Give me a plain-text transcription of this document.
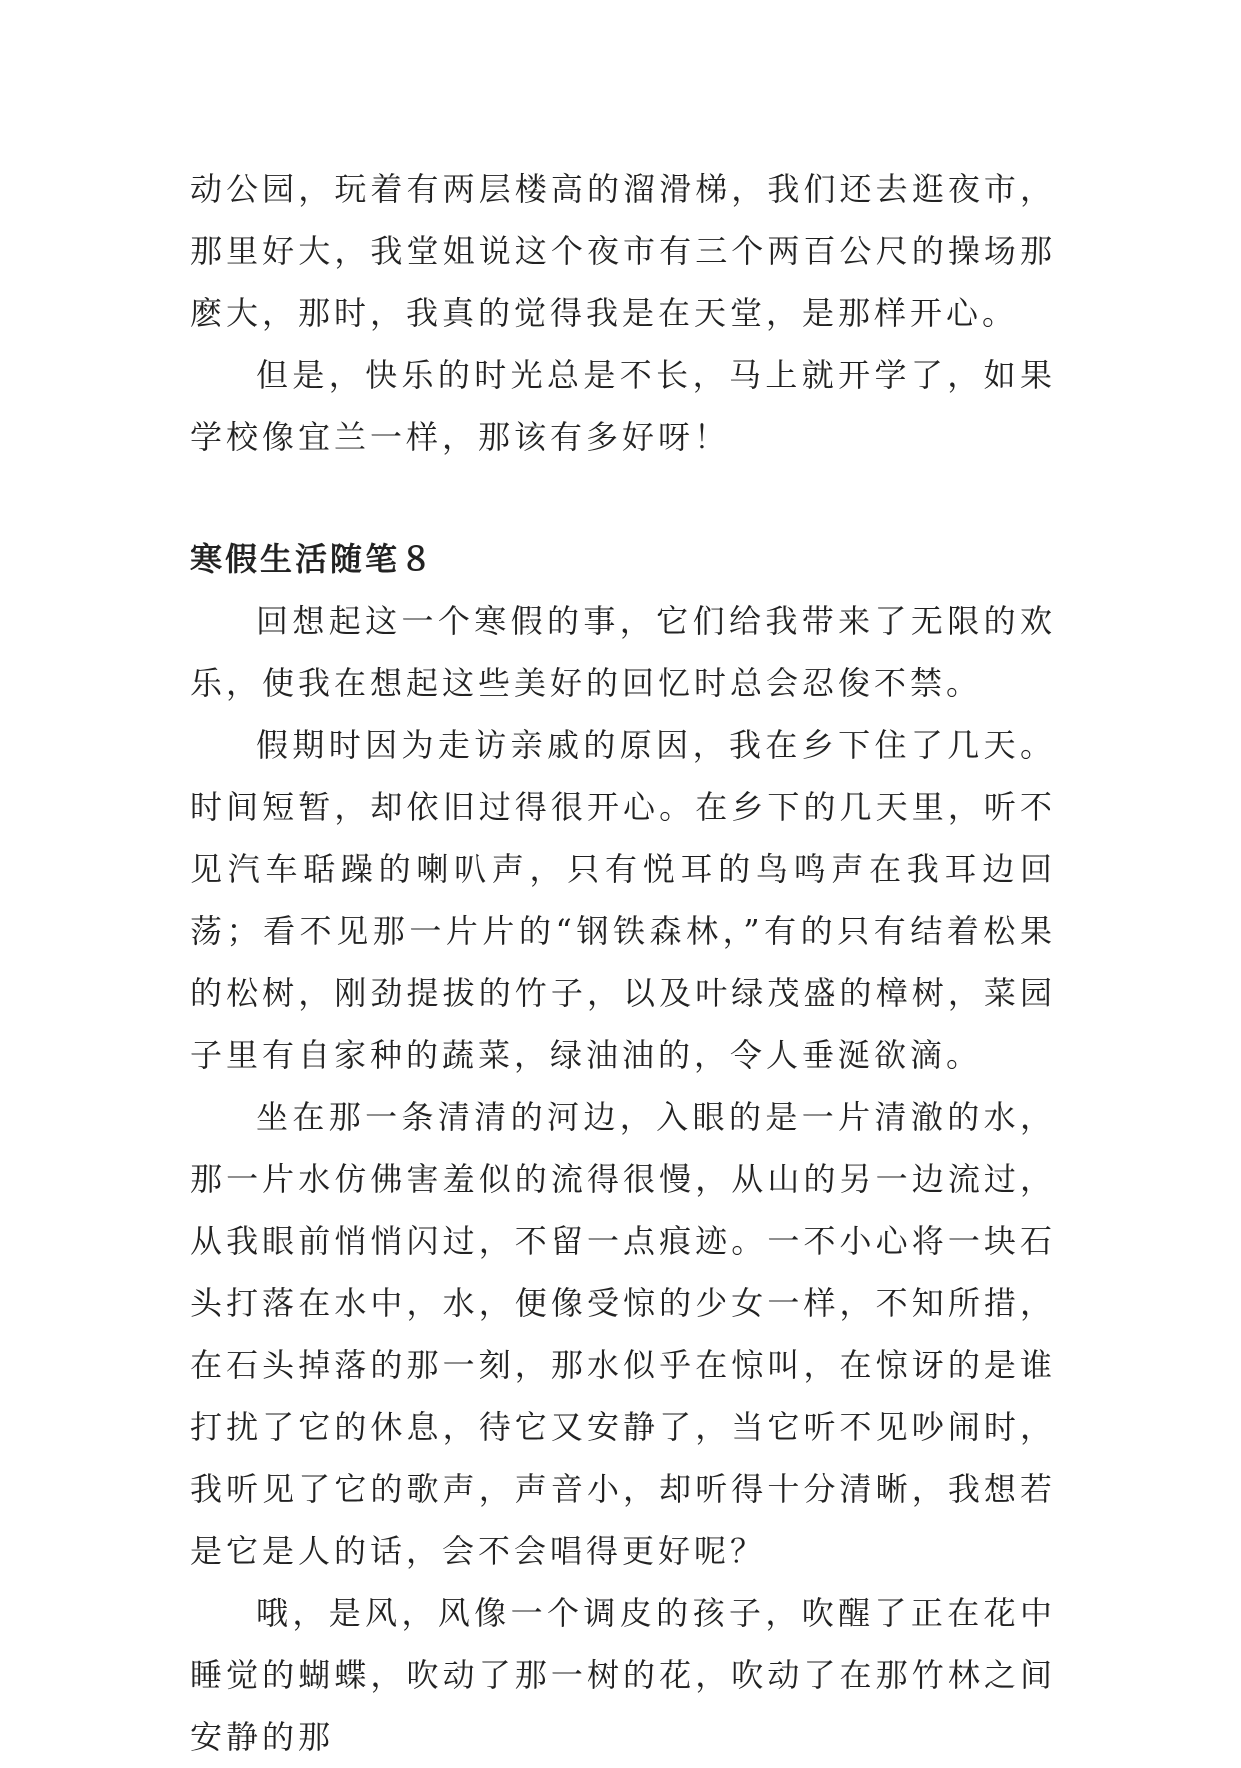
动公园，玩着有两层楼高的溜滑梯，我们还去逛夜市，那里好大，我堂姐说这个夜市有三个两百公尺的操场那麽大，那时，我真的觉得我是在天堂，是那样开心。

但是，快乐的时光总是不长，马上就开学了，如果学校像宜兰一样，那该有多好呀！

寒假生活随笔８

回想起这一个寒假的事，它们给我带来了无限的欢乐，使我在想起这些美好的回忆时总会忍俊不禁。

假期时因为走访亲戚的原因，我在乡下住了几天。时间短暂，却依旧过得很开心。在乡下的几天里，听不见汽车聒躁的喇叭声，只有悦耳的鸟鸣声在我耳边回荡；看不见那一片片的“钢铁森林，”有的只有结着松果的松树，刚劲提拔的竹子，以及叶绿茂盛的樟树，菜园子里有自家种的蔬菜，绿油油的，令人垂涎欲滴。

坐在那一条清清的河边，入眼的是一片清澈的水，那一片水仿佛害羞似的流得很慢，从山的另一边流过，从我眼前悄悄闪过，不留一点痕迹。一不小心将一块石头打落在水中，水，便像受惊的少女一样，不知所措，在石头掉落的那一刻，那水似乎在惊叫，在惊讶的是谁打扰了它的休息，待它又安静了，当它听不见吵闹时，我听见了它的歌声，声音小，却听得十分清晰，我想若是它是人的话，会不会唱得更好呢？

哦，是风，风像一个调皮的孩子，吹醒了正在花中睡觉的蝴蝶，吹动了那一树的花，吹动了在那竹林之间安静的那
